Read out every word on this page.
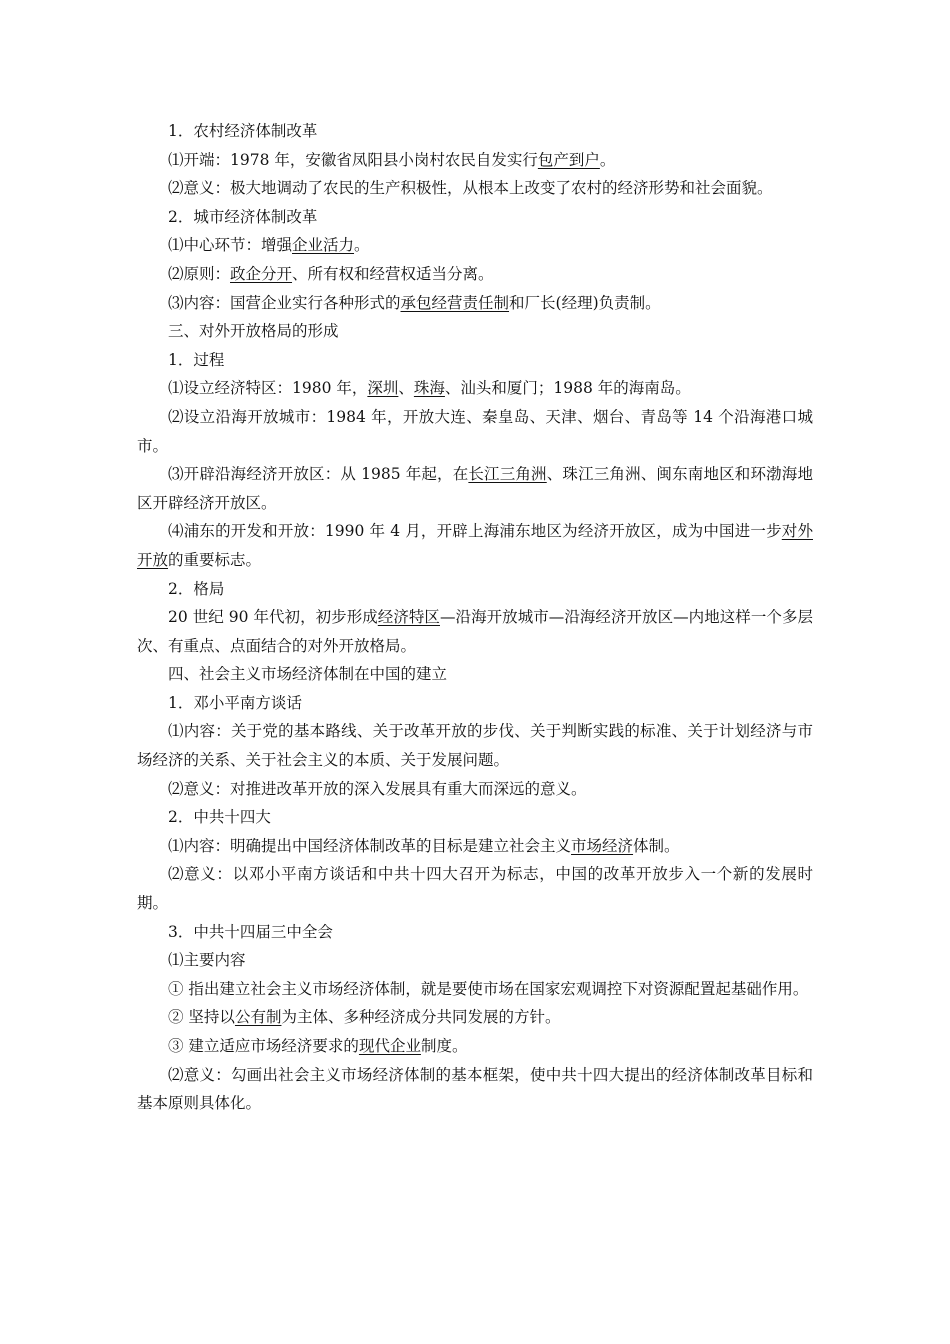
1．农村经济体制改革

⑴开端：1978 年，安徽省凤阳县小岗村农民自发实行包产到户。

⑵意义：极大地调动了农民的生产积极性，从根本上改变了农村的经济形势和社会面貌。

2．城市经济体制改革

⑴中心环节：增强企业活力。

⑵原则：政企分开、所有权和经营权适当分离。

⑶内容：国营企业实行各种形式的承包经营责任制和厂长(经理)负责制。

三、对外开放格局的形成

1．过程

⑴设立经济特区：1980 年，深圳、珠海、汕头和厦门；1988 年的海南岛。

⑵设立沿海开放城市：1984 年，开放大连、秦皇岛、天津、烟台、青岛等 14 个沿海港口城市。

⑶开辟沿海经济开放区：从 1985 年起，在长江三角洲、珠江三角洲、闽东南地区和环渤海地区开辟经济开放区。

⑷浦东的开发和开放：1990 年 4 月，开辟上海浦东地区为经济开放区，成为中国进一步对外开放的重要标志。

2．格局

20 世纪 90 年代初，初步形成经济特区—沿海开放城市—沿海经济开放区—内地这样一个多层次、有重点、点面结合的对外开放格局。

四、社会主义市场经济体制在中国的建立

1．邓小平南方谈话

⑴内容：关于党的基本路线、关于改革开放的步伐、关于判断实践的标准、关于计划经济与市场经济的关系、关于社会主义的本质、关于发展问题。

⑵意义：对推进改革开放的深入发展具有重大而深远的意义。

2．中共十四大

⑴内容：明确提出中国经济体制改革的目标是建立社会主义市场经济体制。

⑵意义：以邓小平南方谈话和中共十四大召开为标志，中国的改革开放步入一个新的发展时期。

3．中共十四届三中全会

⑴主要内容

① 指出建立社会主义市场经济体制，就是要使市场在国家宏观调控下对资源配置起基础作用。

② 坚持以公有制为主体、多种经济成分共同发展的方针。

③ 建立适应市场经济要求的现代企业制度。

⑵意义：勾画出社会主义市场经济体制的基本框架，使中共十四大提出的经济体制改革目标和基本原则具体化。
